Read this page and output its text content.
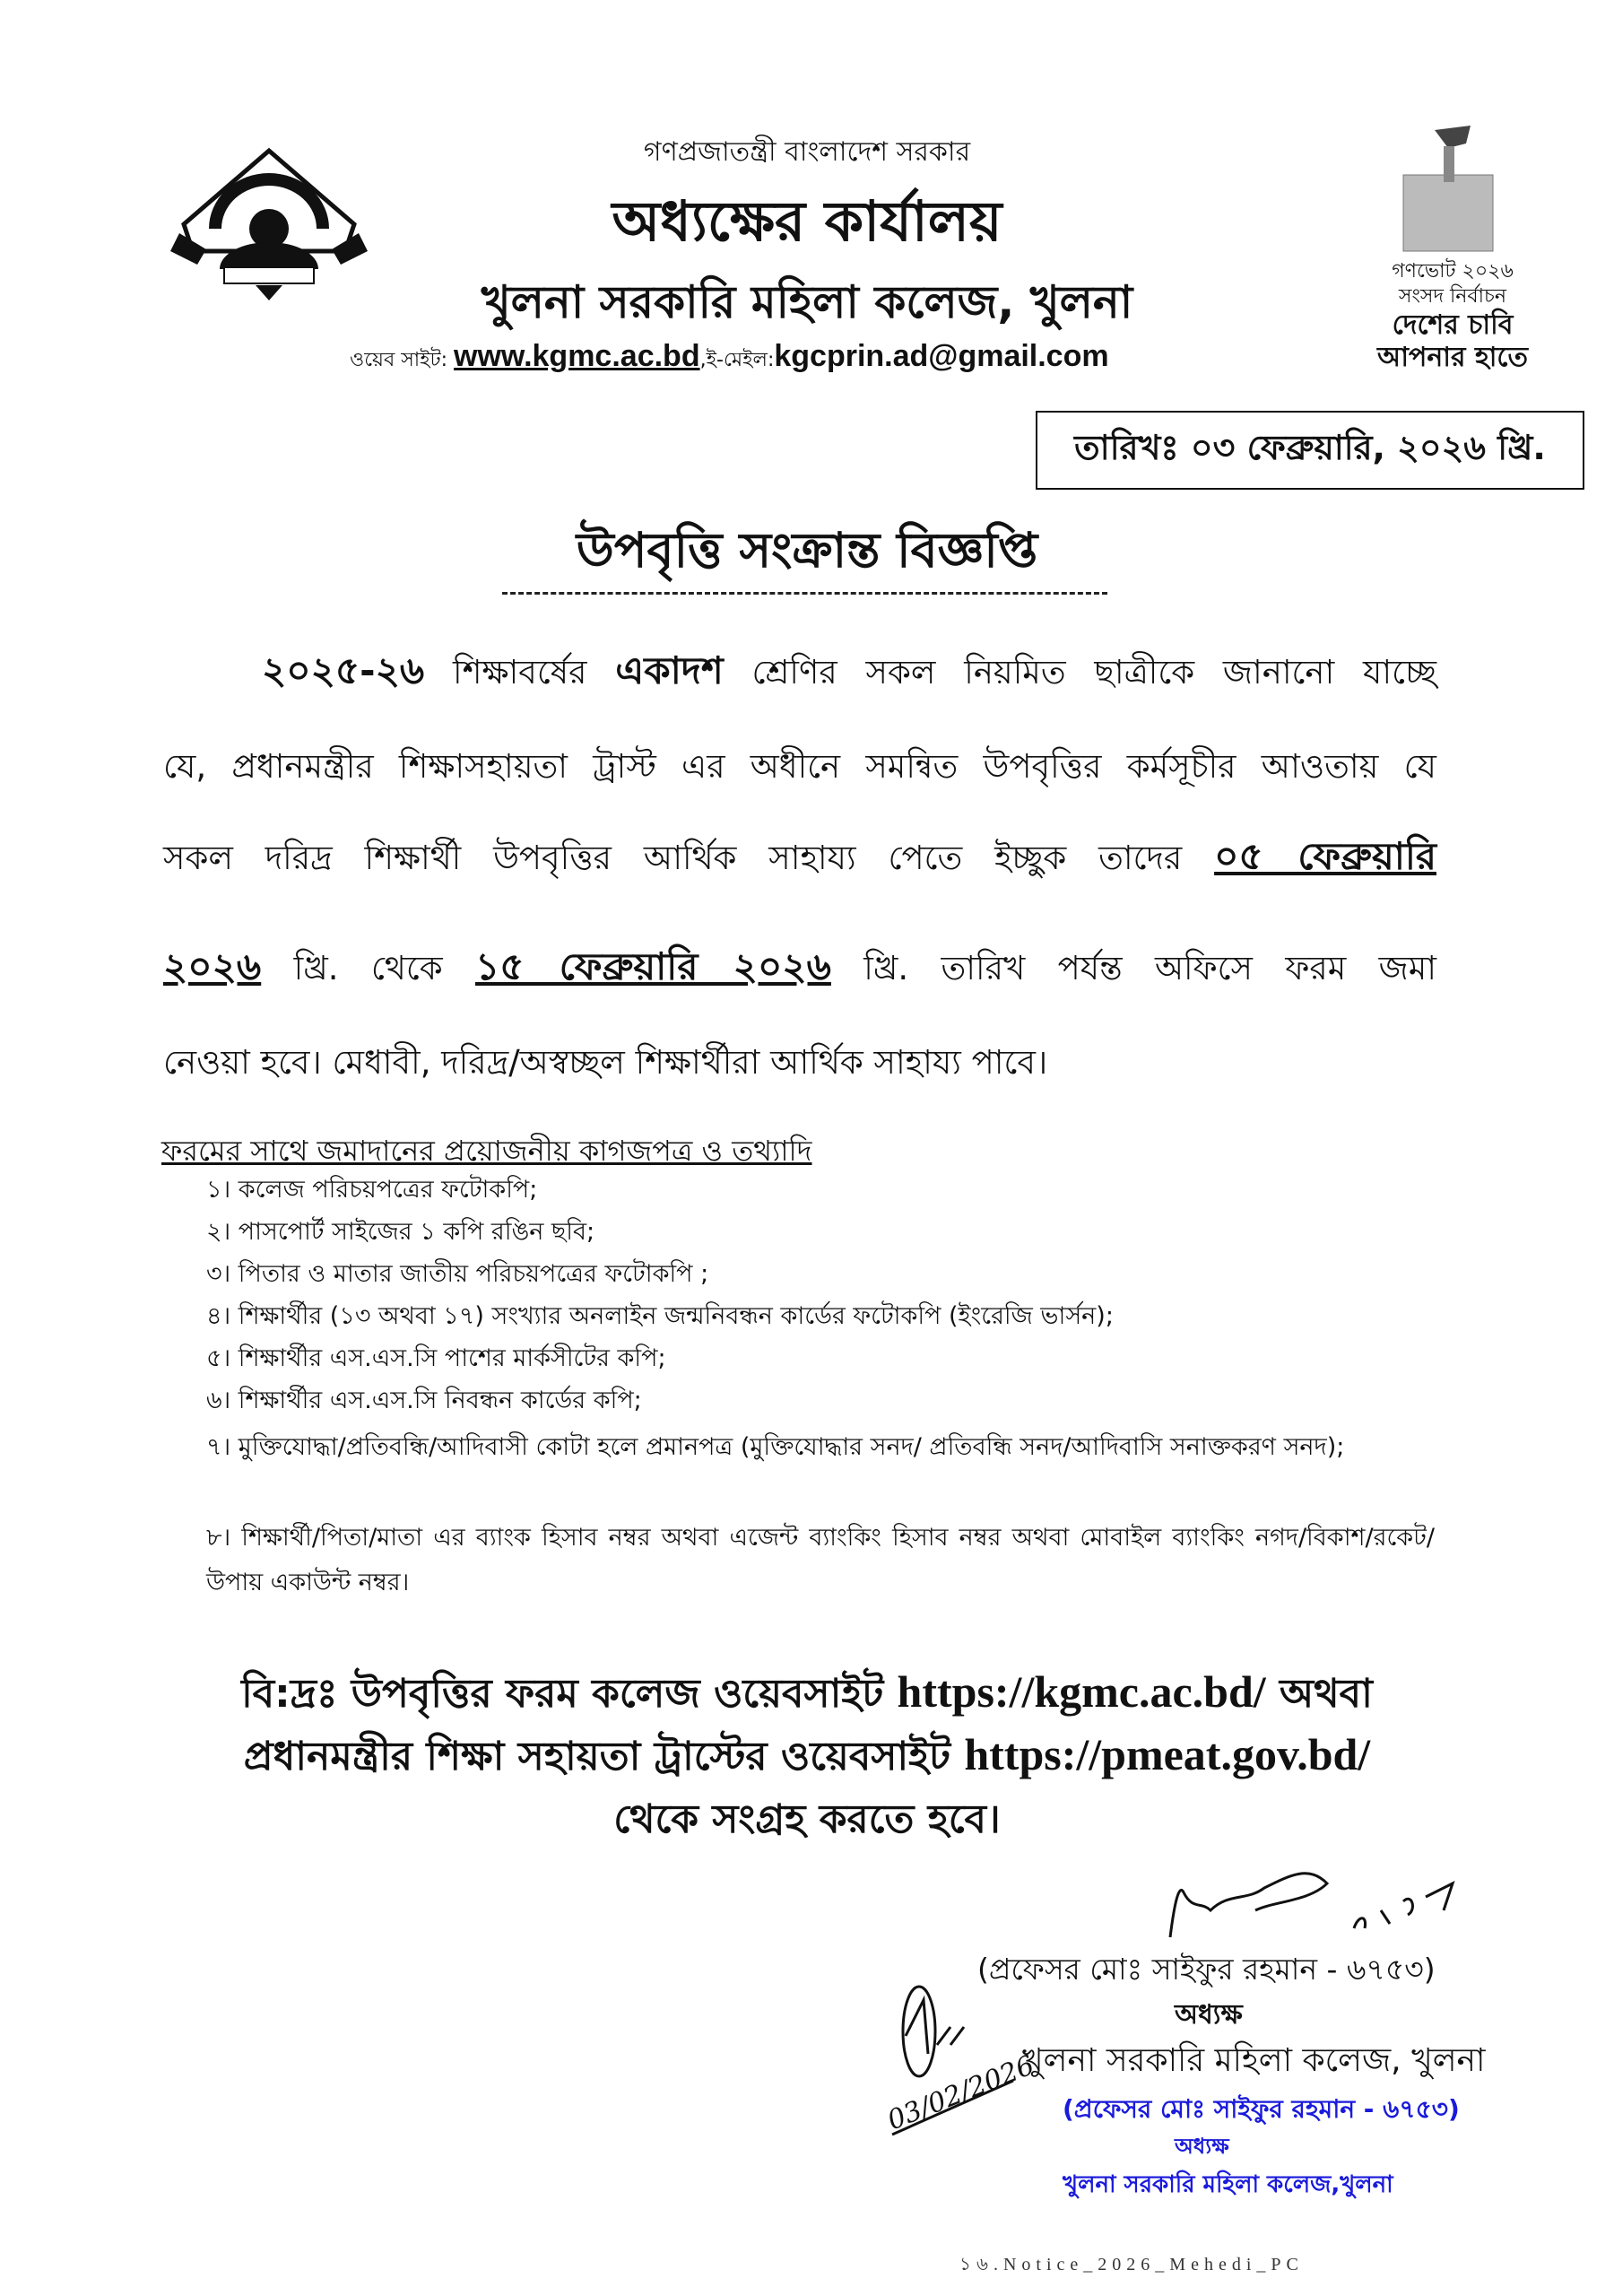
গণপ্রজাতন্ত্রী বাংলাদেশ সরকার
অধ্যক্ষের কার্যালয়
খুলনা সরকারি মহিলা কলেজ, খুলনা
ওয়েব সাইট: www.kgmc.ac.bd,ই-মেইল:kgcprin.ad@gmail.com
গণভোট ২০২৬
সংসদ নির্বাচন
দেশের চাবি
আপনার হাতে
তারিখঃ ০৩ ফেব্রুয়ারি, ২০২৬ খ্রি.
উপবৃত্তি সংক্রান্ত বিজ্ঞপ্তি
২০২৫-২৬ শিক্ষাবর্ষের একাদশ শ্রেণির সকল নিয়মিত ছাত্রীকে জানানো যাচ্ছে
যে, প্রধানমন্ত্রীর শিক্ষাসহায়তা ট্রাস্ট এর অধীনে সমন্বিত উপবৃত্তির কর্মসূচীর আওতায় যে
সকল দরিদ্র শিক্ষার্থী উপবৃত্তির আর্থিক সাহায্য পেতে ইচ্ছুক তাদের ০৫ ফেব্রুয়ারি
২০২৬ খ্রি. থেকে ১৫ ফেব্রুয়ারি ২০২৬ খ্রি. তারিখ পর্যন্ত অফিসে ফরম জমা
নেওয়া হবে। মেধাবী, দরিদ্র/অস্বচ্ছল শিক্ষার্থীরা আর্থিক সাহায্য পাবে।
ফরমের সাথে জমাদানের প্রয়োজনীয় কাগজপত্র ও তথ্যাদি
১। কলেজ পরিচয়পত্রের ফটোকপি;
২। পাসপোর্ট সাইজের ১ কপি রঙিন ছবি;
৩। পিতার ও মাতার জাতীয় পরিচয়পত্রের ফটোকপি ;
৪। শিক্ষার্থীর (১৩ অথবা ১৭) সংখ্যার অনলাইন জন্মনিবন্ধন কার্ডের ফটোকপি (ইংরেজি ভার্সন);
৫। শিক্ষার্থীর এস.এস.সি পাশের মার্কসীটের কপি;
৬। শিক্ষার্থীর এস.এস.সি নিবন্ধন কার্ডের কপি;
৭। মুক্তিযোদ্ধা/প্রতিবন্ধি/আদিবাসী কোটা হলে প্রমানপত্র (মুক্তিযোদ্ধার সনদ/ প্রতিবন্ধি সনদ/আদিবাসি সনাক্তকরণ সনদ);
৮। শিক্ষার্থী/পিতা/মাতা এর ব্যাংক হিসাব নম্বর অথবা এজেন্ট ব্যাংকিং হিসাব নম্বর অথবা মোবাইল ব্যাংকিং নগদ/বিকাশ/রকেট/উপায় একাউন্ট নম্বর।
বি:দ্রঃ উপবৃত্তির ফরম কলেজ ওয়েবসাইট https://kgmc.ac.bd/ অথবা
প্রধানমন্ত্রীর শিক্ষা সহায়তা ট্রাস্টের ওয়েবসাইট https://pmeat.gov.bd/
থেকে সংগ্রহ করতে হবে।
(প্রফেসর মোঃ সাইফুর রহমান - ৬৭৫৩)
অধ্যক্ষ
খুলনা সরকারি মহিলা কলেজ, খুলনা
03/02/2026 (প্রফেসর মোঃ সাইফুর রহমান - ৬৭৫৩)
অধ্যক্ষ
খুলনা সরকারি মহিলা কলেজ,খুলনা
১৬.Notice_2026_Mehedi_PC
